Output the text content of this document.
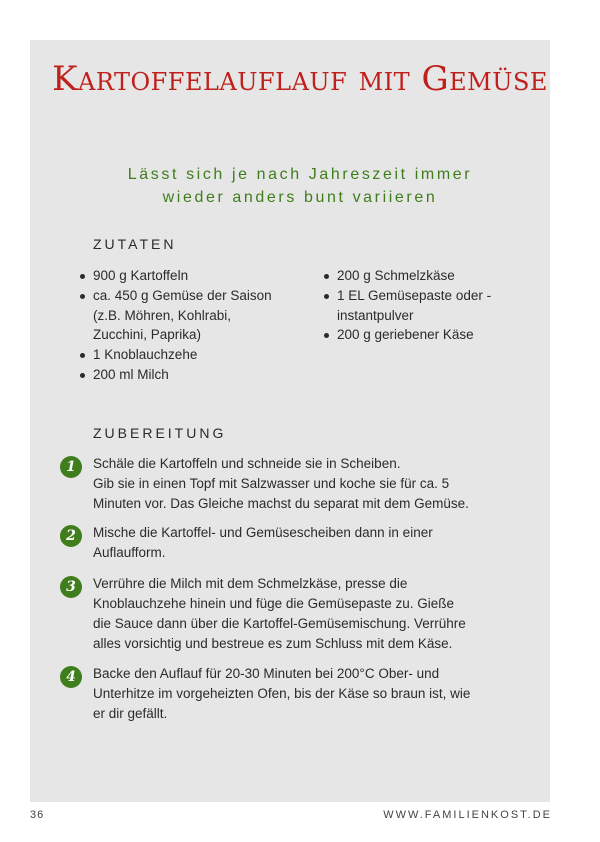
Kartoffelauflauf mit Gemüse
Lässt sich je nach Jahreszeit immer
wieder anders bunt variieren
ZUTATEN
900 g Kartoffeln
ca. 450 g Gemüse der Saison (z.B. Möhren, Kohlrabi, Zucchini, Paprika)
1 Knoblauchzehe
200 ml Milch
200 g Schmelzkäse
1 EL Gemüsepaste oder -instantpulver
200 g geriebener Käse
ZUBEREITUNG
1	Schäle die Kartoffeln und schneide sie in Scheiben.
Gib sie in einen Topf mit Salzwasser und koche sie für ca. 5
Minuten vor. Das Gleiche machst du separat mit dem Gemüse.
2	Mische die Kartoffel- und Gemüsescheiben dann in einer
Auflaufform.
3	Verrühre die Milch mit dem Schmelzkäse, presse die
Knoblauchzehe hinein und füge die Gemüsepaste zu. Gieße
die Sauce dann über die Kartoffel-Gemüsemischung. Verrühre
alles vorsichtig und bestreue es zum Schluss mit dem Käse.
4	Backe den Auflauf für 20-30 Minuten bei 200°C Ober- und
Unterhitze im vorgeheizten Ofen, bis der Käse so braun ist, wie
er dir gefällt.
36	WWW.FAMILIENKOST.DE
